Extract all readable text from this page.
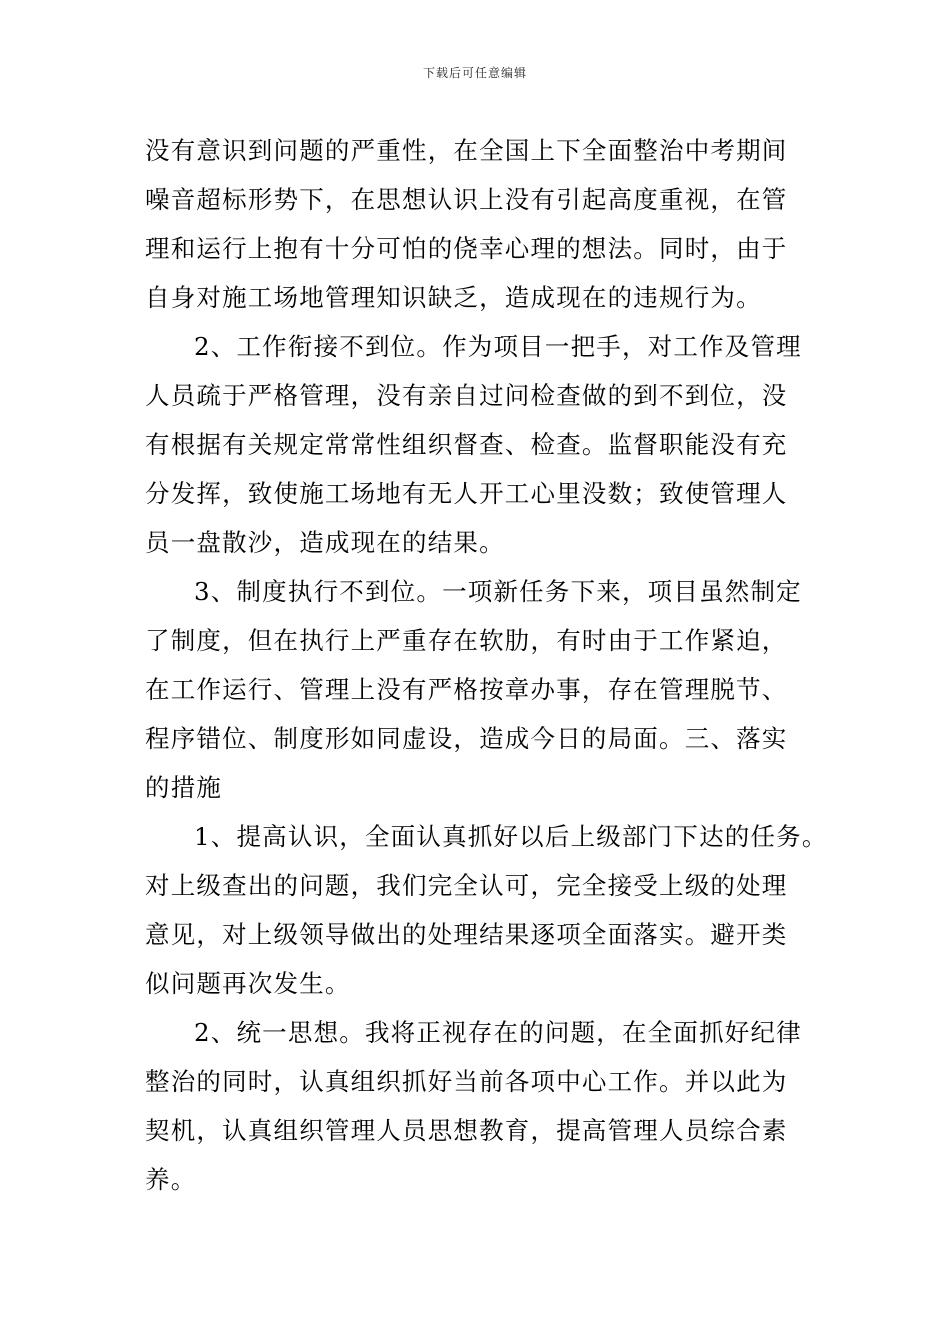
下载后可任意编辑
没有意识到问题的严重性，在全国上下全面整治中考期间
噪音超标形势下，在思想认识上没有引起高度重视，在管
理和运行上抱有十分可怕的侥幸心理的想法。同时，由于
自身对施工场地管理知识缺乏，造成现在的违规行为。
2、工作衔接不到位。作为项目一把手，对工作及管理
人员疏于严格管理，没有亲自过问检查做的到不到位，没
有根据有关规定常常性组织督查、检查。监督职能没有充
分发挥，致使施工场地有无人开工心里没数；致使管理人
员一盘散沙，造成现在的结果。
3、制度执行不到位。一项新任务下来，项目虽然制定
了制度，但在执行上严重存在软肋，有时由于工作紧迫，
在工作运行、管理上没有严格按章办事，存在管理脱节、
程序错位、制度形如同虚设，造成今日的局面。三、落实
的措施
1、提高认识，全面认真抓好以后上级部门下达的任务。
对上级查出的问题，我们完全认可，完全接受上级的处理
意见，对上级领导做出的处理结果逐项全面落实。避开类
似问题再次发生。
2、统一思想。我将正视存在的问题，在全面抓好纪律
整治的同时，认真组织抓好当前各项中心工作。并以此为
契机，认真组织管理人员思想教育，提高管理人员综合素
养。
